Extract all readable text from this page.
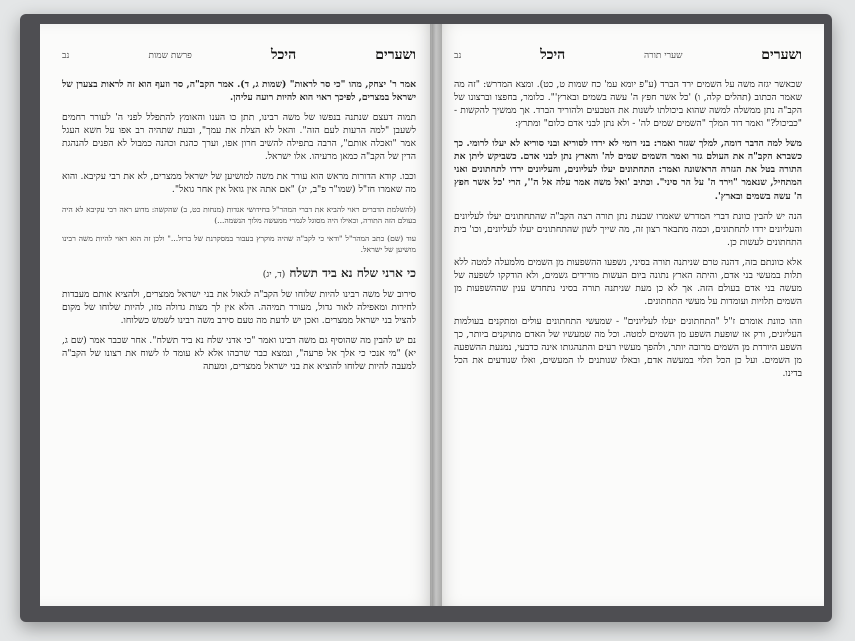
ושערים
היכל
פרשת שמות
נב

אמר ר' יצחק, מהו "כי סר לראות" (שמות ג, ד). אמר הקב"ה, סר וזעף הוא זה לראות בצערן של ישראל במצרים, לפיכך ראוי הוא להיות רועה עליהן.

תמוה דעצם שנתנה בנפשו של משה רבינו, תתן כו הענו והאומץ להתפלל לפני ה' לעורר רחמים לשעבן "למה הרעות לעם הזה". והאל לא הצלת את עמך", ובעת שתהיה רב אפו על חשא העגל אמר "ואכלה אותם", הרבה בתפילה להשיב חרון אפו, וערך כהנת וכהנה כמבול לא הפנים להנהגת הדין של הקב"ה כמאן מרעיהו. אלו ישראל.

וכבו. קודא הדורות מראש הוא עורר את משה למושיען של ישראל ממצרים, לא את רבי עקיבא. והוא מה שאמרו חז"ל (שמו"ר פ"ב, יג) "אם אתה אין גואל אין אחר גואל".

(להשלמת הדברים ראוי להביא את דברי המהר"ל בחידושי אגדות (מנחות כט, ב) שהקשה: מדוע ראה רבי עקיבא לא היה בעולם הזה התורה, וכאילו היה מסוגל לגמרי ממעשה מלוך הנשמה...)

עוד (שם) כתב המהר"ל "ודאי כי לקב"ה שהיה מוקרץ בעבור במסקרנת של ברזל..." ולכן זה הוא ראוי להיות משה רבינו מושיען של ישראל.

כי ארני שלח נא ביד תשלח (ד, יג)

סירוב של משה רבינו להיות שלוחו של הקב"ה לגאול את בני ישראל ממצרים, ולהציא אותם מעבדות לחירות ומאפילה לאור גדול, מעורר תמיהה. הלא אין לך מצות גדולה מזו, להיות שלוחו של מקום להציל בני ישראל ממצרים. ואכן יש לדעת מה טעם סירב משה רבינו לשמש כשלוחו.

נם יש להבין מה שהוסיף גם משה רבינו ואמר "כי אדני שלח נא ביד תשלח". אחר שכבר אמר (שם ג, יא) "מי אנכי כי אלך אל פרעה", ונמצא כבר שרבהו אלא לא עומד לו לשוח את רצונו של הקב"ה למעבה להיות שלוחו להוציא את בני ישראל ממצרים, ומעתה

ושערים
שערי תורה
היכל
נב

שכאשר יגזה משה על השמים ירד הברד (ע"פ יומא עמ' כח שמות ט, כט). ומצא המדרש: "זה מה שאמר הכתוב (תהלים קלה, ו) 'כל אשר חפץ ה' עשה בשמים ובארץ'". כלומר, בחפצו וברצונו של הקב"ה נתן ממשלה למשה שהוא ביכולתו לשנות את הטבעים ולהוריד הברד. אך ממשיך להקשות - "כביכול?" ואמר דוד המלך "השמים שמים לה' - ולא נתן לבני אדם כלום" ומתרץ:

משל למה הדבר דומה, למלך שגזר ואמר: בני רומי לא ירדו לסוריא ובני סוריא לא יעלו לרומי. כך כשברא הקב"ה את העולם גזר ואמר השמים שמים לה' והארץ נתן לבני אדם. כשביקש ליתן את התורה בטל את הגזרה הראשונה ואמר: התחתונים יעלו לעליונים, והעליונים ירדו לתחתונים ואני המתחיל, שנאמר "וירד ה' על הר סיני". וכתיב 'ואל משה אמר עלה אל ה'', הרי 'כל אשר חפץ ה' עשה בשמים ובארץ'.

הנה יש להבין כוונת דברי המדרש שאמרו שבעת נתן תורה רצה הקב"ה שהתחתונים יעלו לעליונים והעליונים ירדו לתחתונים, וכמה מתבאר רצון זה, מה שייך לשון שהתחתונים יעלו לעליונים, וכו' בית התחתונים לעשות כן.

אלא כוונתם בזה, דהנה טרם שניתנה תורה בסיני, נשפעו ההשפעות מן השמים מלמעלה למטה ללא תלות במעשי בני אדם, והיתה הארץ נתונה ביום העשות מורידים גשמים, ולא הודקקו לשפעה של מעשה בני אדם בעולם הזה. אך לא כן מעת שניתנה תורה בסיני נתחדש ענין שההשפעות מן השמים תלויות ועומדות על מעשי התחתונים.

וזהו כוונת אומרם ז"ל "התחתונים יעלו לעליונים" - שמעשי התחתונים עולים ומתקנים בעולמות העליונים, ורק אז שופעת השפע מן השמים למטה. וכל מה שמעשיו של האדם מתוקנים ביותר, כך השפע היורדת מן השמים מרובה יותר, ולהפך מעשיו רעים והתנהגותו אינה כדבעי, נמנעת ההשפעה מן השמים. ועל כן הכל תלוי במעשה אדם, ובאלו שנותנים לו המעשים, ואלו שנודעים את הכל בדינו.
